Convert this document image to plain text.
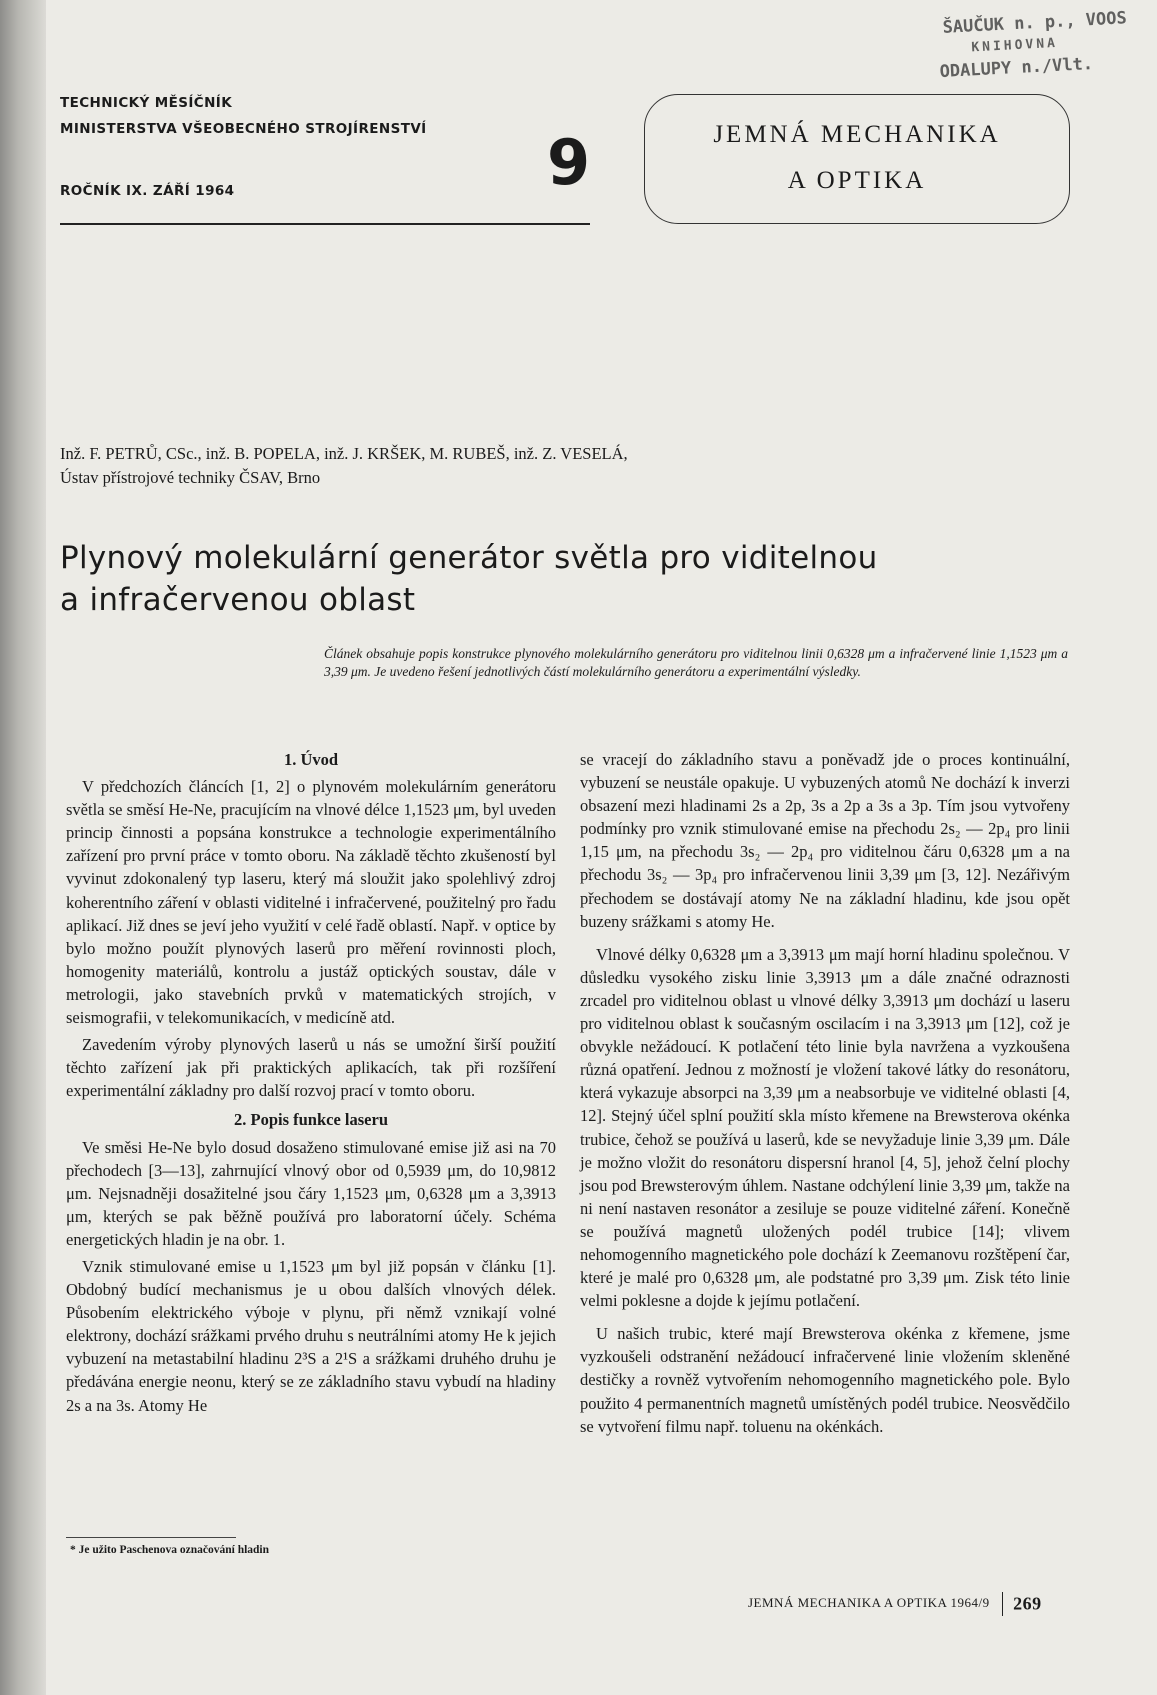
ŠAUČUK n. p., VOOS
KNIHOVNA
ODALUPY n./Vlt.
TECHNICKÝ MĚSÍČNÍK
MINISTERSTVA VŠEOBECNÉHO STROJÍRENSTVÍ
ROČNÍK IX. ZÁŘÍ 1964	9	JEMNÁ MECHANIKA
A OPTIKA
Inž. F. PETRŮ, CSc., inž. B. POPELA, inž. J. KRŠEK, M. RUBEŠ, inž. Z. VESELÁ,
Ústav přístrojové techniky ČSAV, Brno
Plynový molekulární generátor světla pro viditelnou
a infračervenou oblast
Článek obsahuje popis konstrukce plynového molekulárního generátoru pro viditelnou linii 0,6328 μm a infračervené linie 1,1523 μm a 3,39 μm. Je uvedeno řešení jednotlivých částí molekulárního generátoru a experimentální výsledky.
1. Úvod

V předchozích článcích [1, 2] o plynovém molekulárním generátoru světla se směsí He-Ne, pracujícím na vlnové délce 1,1523 μm, byl uveden princip činnosti a popsána konstrukce a technologie experimentálního zařízení pro první práce v tomto oboru. Na základě těchto zkušeností byl vyvinut zdokonalený typ laseru, který má sloužit jako spolehlivý zdroj koherentního záření v oblasti viditelné i infračervené, použitelný pro řadu aplikací. Již dnes se jeví jeho využití v celé řadě oblastí. Např. v optice by bylo možno použít plynových laserů pro měření rovinnosti ploch, homogenity materiálů, kontrolu a justáž optických soustav, dále v metrologii, jako stavebních prvků v matematických strojích, v seismografii, v telekomunikacích, v medicíně atd.

Zavedením výroby plynových laserů u nás se umožní širší použití těchto zařízení jak při praktických aplikacích, tak při rozšíření experimentální základny pro další rozvoj prací v tomto oboru.

2. Popis funkce laseru

Ve směsi He-Ne bylo dosud dosaženo stimulované emise již asi na 70 přechodech [3—13], zahrnující vlnový obor od 0,5939 μm, do 10,9812 μm. Nejsnadněji dosažitelné jsou čáry 1,1523 μm, 0,6328 μm a 3,3913 μm, kterých se pak běžně používá pro laboratorní účely. Schéma energetických hladin je na obr. 1.

Vznik stimulované emise u 1,1523 μm byl již popsán v článku [1]. Obdobný budící mechanismus je u obou dalších vlnových délek. Působením elektrického výboje v plynu, při němž vznikají volné elektrony, dochází srážkami prvého druhu s neutrálními atomy He k jejich vybuzení na metastabilní hladinu 2³S a 2¹S a srážkami druhého druhu je předávána energie neonu, který se ze základního stavu vybudí na hladiny 2s a na 3s. Atomy He

se vracejí do základního stavu a poněvadž jde o proces kontinuální, vybuzení se neustále opakuje. U vybuzených atomů Ne dochází k inverzi obsazení mezi hladinami 2s a 2p, 3s a 2p a 3s a 3p. Tím jsou vytvořeny podmínky pro vznik stimulované emise na přechodu 2s₂ — 2p₄ pro linii 1,15 μm, na přechodu 3s₂ — 2p₄ pro viditelnou čáru 0,6328 μm a na přechodu 3s₂ — 3p₄ pro infračervenou linii 3,39 μm [3, 12]. Nezářivým přechodem se dostávají atomy Ne na základní hladinu, kde jsou opět buzeny srážkami s atomy He.

Vlnové délky 0,6328 μm a 3,3913 μm mají horní hladinu společnou. V důsledku vysokého zisku linie 3,3913 μm a dále značné odraznosti zrcadel pro viditelnou oblast u vlnové délky 3,3913 μm dochází u laseru pro viditelnou oblast k současným oscilacím i na 3,3913 μm [12], což je obvykle nežádoucí. K potlačení této linie byla navržena a vyzkoušena různá opatření. Jednou z možností je vložení takové látky do resonátoru, která vykazuje absorpci na 3,39 μm a neabsorbuje ve viditelné oblasti [4, 12]. Stejný účel splní použití skla místo křemene na Brewsterova okénka trubice, čehož se používá u laserů, kde se nevyžaduje linie 3,39 μm. Dále je možno vložit do resonátoru dispersní hranol [4, 5], jehož čelní plochy jsou pod Brewsterovým úhlem. Nastane odchýlení linie 3,39 μm, takže na ni není nastaven resonátor a zesiluje se pouze viditelné záření. Konečně se používá magnetů uložených podél trubice [14]; vlivem nehomogenního magnetického pole dochází k Zeemanovu rozštěpení čar, které je malé pro 0,6328 μm, ale podstatné pro 3,39 μm. Zisk této linie velmi poklesne a dojde k jejímu potlačení.

U našich trubic, které mají Brewsterova okénka z křemene, jsme vyzkoušeli odstranění nežádoucí infračervené linie vložením skleněné destičky a rovněž vytvořením nehomogenního magnetického pole. Bylo použito 4 permanentních magnetů umístěných podél trubice. Neosvědčilo se vytvoření filmu např. toluenu na okénkách.

* Je užito Paschenova označování hladin
JEMNÁ MECHANIKA A OPTIKA 1964/9 269
